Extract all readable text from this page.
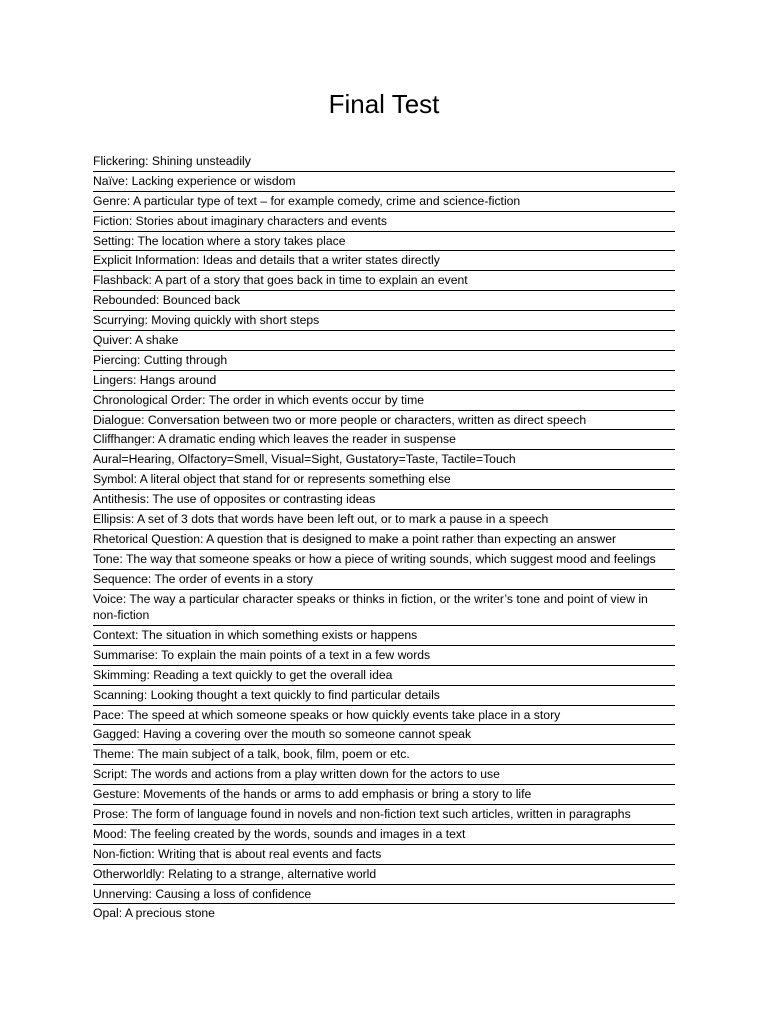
Final Test
Flickering: Shining unsteadily
Naïve: Lacking experience or wisdom
Genre: A particular type of text – for example comedy, crime and science-fiction
Fiction: Stories about imaginary characters and events
Setting: The location where a story takes place
Explicit Information: Ideas and details that a writer states directly
Flashback: A part of a story that goes back in time to explain an event
Rebounded: Bounced back
Scurrying: Moving quickly with short steps
Quiver: A shake
Piercing: Cutting through
Lingers: Hangs around
Chronological Order: The order in which events occur by time
Dialogue: Conversation between two or more people or characters, written as direct speech
Cliffhanger: A dramatic ending which leaves the reader in suspense
Aural=Hearing, Olfactory=Smell, Visual=Sight, Gustatory=Taste, Tactile=Touch
Symbol: A literal object that stand for or represents something else
Antithesis: The use of opposites or contrasting ideas
Ellipsis: A set of 3 dots that words have been left out, or to mark a pause in a speech
Rhetorical Question: A question that is designed to make a point rather than expecting an answer
Tone: The way that someone speaks or how a piece of writing sounds, which suggest mood and feelings
Sequence: The order of events in a story
Voice: The way a particular character speaks or thinks in fiction, or the writer’s tone and point of view in non-fiction
Context: The situation in which something exists or happens
Summarise: To explain the main points of a text in a few words
Skimming: Reading a text quickly to get the overall idea
Scanning: Looking thought a text quickly to find particular details
Pace: The speed at which someone speaks or how quickly events take place in a story
Gagged: Having a covering over the mouth so someone cannot speak
Theme: The main subject of a talk, book, film, poem or etc.
Script: The words and actions from a play written down for the actors to use
Gesture: Movements of the hands or arms to add emphasis or bring a story to life
Prose: The form of language found in novels and non-fiction text such articles, written in paragraphs
Mood: The feeling created by the words, sounds and images in a text
Non-fiction: Writing that is about real events and facts
Otherworldly: Relating to a strange, alternative world
Unnerving: Causing a loss of confidence
Opal: A precious stone
